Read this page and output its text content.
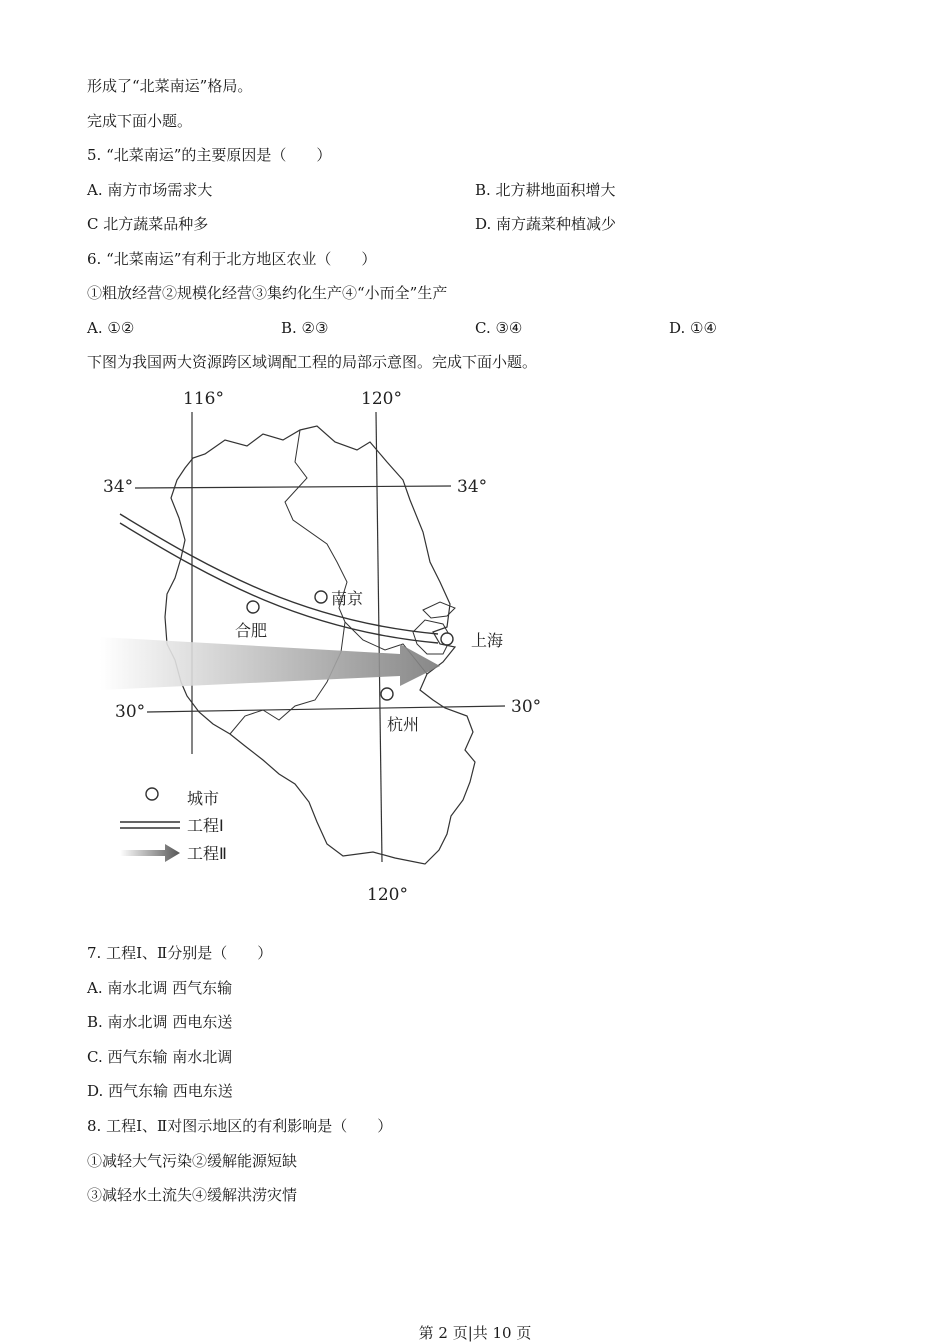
形成了“北菜南运”格局。
完成下面小题。
5. “北菜南运”的主要原因是（　　）
A. 南方市场需求大	B. 北方耕地面积增大
C 北方蔬菜品种多	D. 南方蔬菜种植减少
6. “北菜南运”有利于北方地区农业（　　）
①粗放经营②规模化经营③集约化生产④“小而全”生产
A. ①②	B. ②③	C. ③④	D. ①④
下图为我国两大资源跨区域调配工程的局部示意图。完成下面小题。
116°	120°
120°
34°	34°
30°	30°
南京
合肥
上海
杭州
城市
工程Ⅰ
工程Ⅱ
7. 工程Ⅰ、Ⅱ分别是（　　）
A. 南水北调 西气东输
B. 南水北调 西电东送
C. 西气东输 南水北调
D. 西气东输 西电东送
8. 工程Ⅰ、Ⅱ对图示地区的有利影响是（　　）
①减轻大气污染②缓解能源短缺
③减轻水土流失④缓解洪涝灾情
第 2 页|共 10 页
